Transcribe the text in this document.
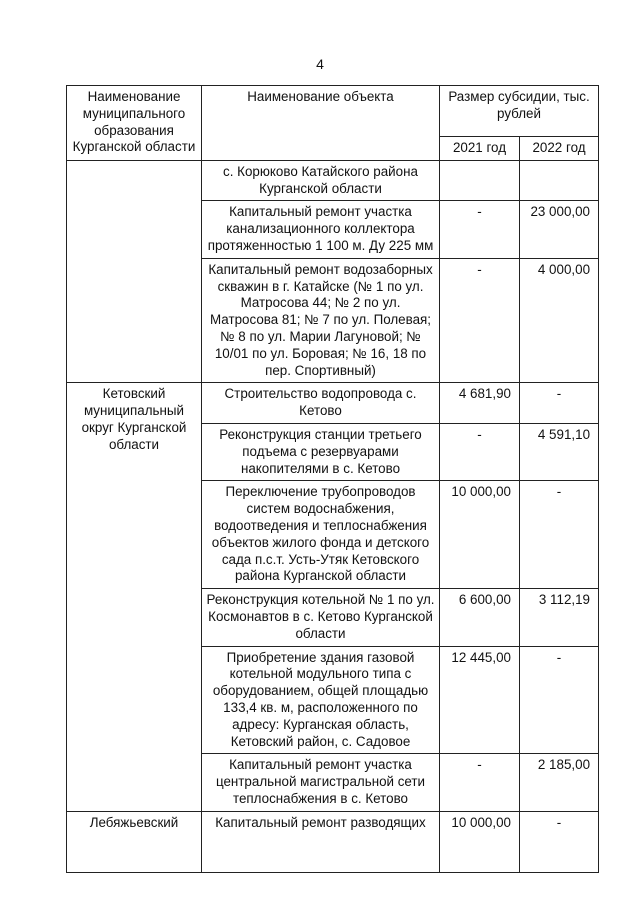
4
Наименование муниципального образования Курганской области	Наименование объекта	Размер субсидии, тыс. рублей	
		2021 год	2022 год
	с. Корюково Катайского района Курганской области		
	Капитальный ремонт участка канализационного коллектора протяженностью 1 100 м. Ду 225 мм	-	23 000,00
	Капитальный ремонт водозаборных скважин в г. Катайске (№ 1 по ул. Матросова 44; № 2 по ул. Матросова 81; № 7 по ул. Полевая; № 8 по ул. Марии Лагуновой; № 10/01 по ул. Боровая; № 16, 18 по пер. Спортивный)	-	4 000,00
Кетовский муниципальный округ Курганской области	Строительство водопровода с. Кетово	4 681,90	-
	Реконструкция станции третьего подъема с резервуарами накопителями в с. Кетово	-	4 591,10
	Переключение трубопроводов систем водоснабжения, водоотведения и теплоснабжения объектов жилого фонда и детского сада п.с.т. Усть-Утяк Кетовского района Курганской области	10 000,00	-
	Реконструкция котельной № 1 по ул. Космонавтов в с. Кетово Курганской области	6 600,00	3 112,19
	Приобретение здания газовой котельной модульного типа с оборудованием, общей площадью 133,4 кв. м, расположенного по адресу: Курганская область, Кетовский район, с. Садовое	12 445,00	-
	Капитальный ремонт участка центральной магистральной сети теплоснабжения в с. Кетово	-	2 185,00

Лебяжьевский	Капитальный ремонт разводящих	10 000,00	-
